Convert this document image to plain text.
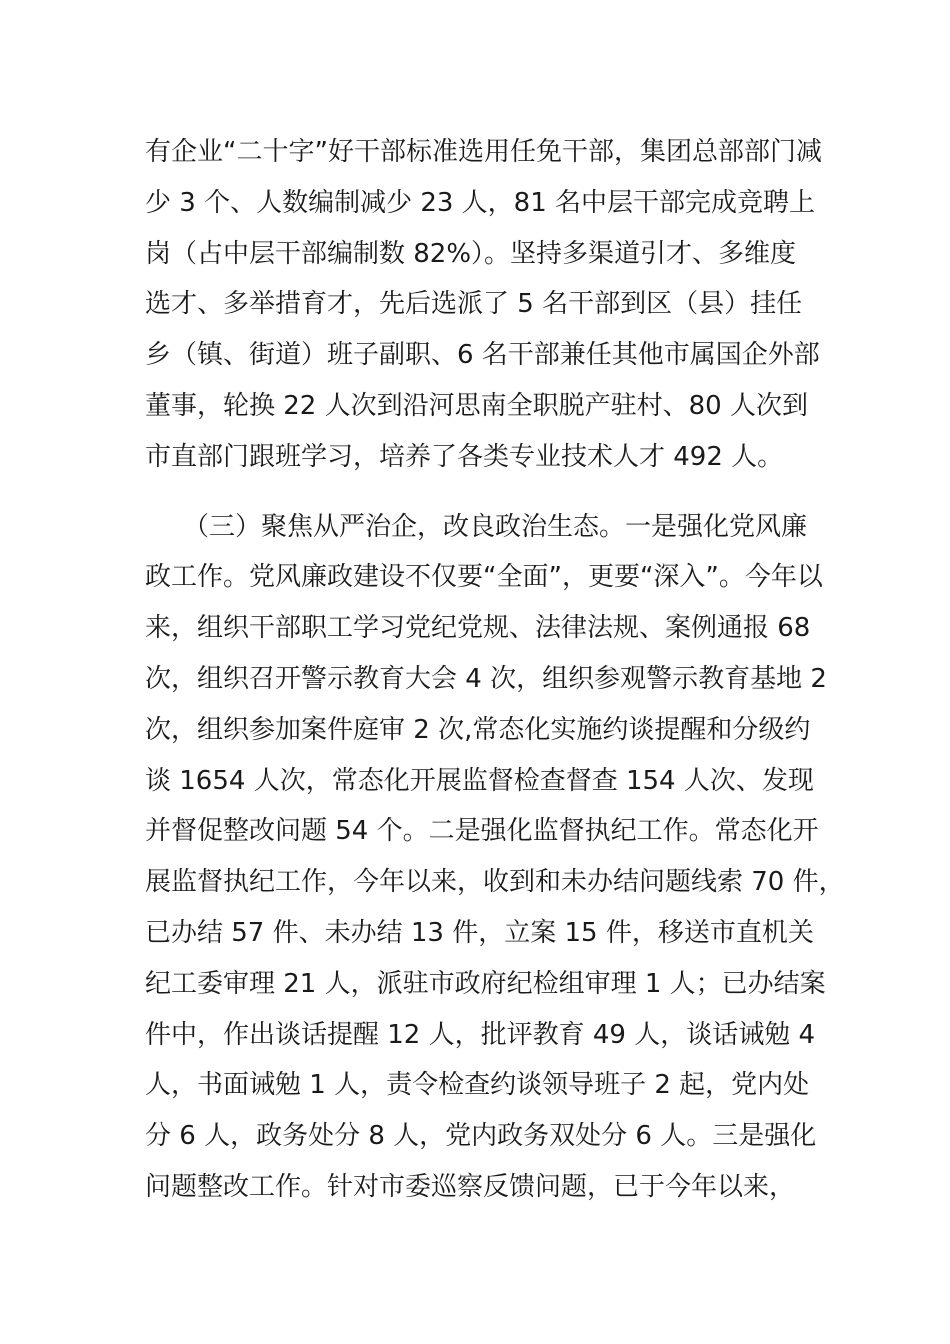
有企业“二十字”好干部标准选用任免干部，集团总部部门减
少 3 个、人数编制减少 23 人，81 名中层干部完成竞聘上
岗（占中层干部编制数 82%）。坚持多渠道引才、多维度
选才、多举措育才，先后选派了 5 名干部到区（县）挂任
乡（镇、街道）班子副职、6 名干部兼任其他市属国企外部
董事，轮换 22 人次到沿河思南全职脱产驻村、80 人次到
市直部门跟班学习，培养了各类专业技术人才 492 人。
（三）聚焦从严治企，改良政治生态。一是强化党风廉
政工作。党风廉政建设不仅要“全面”，更要“深入”。今年以
来，组织干部职工学习党纪党规、法律法规、案例通报 68
次，组织召开警示教育大会 4 次，组织参观警示教育基地 2
次，组织参加案件庭审 2 次,常态化实施约谈提醒和分级约
谈 1654 人次，常态化开展监督检查督查 154 人次、发现
并督促整改问题 54 个。二是强化监督执纪工作。常态化开
展监督执纪工作，今年以来，收到和未办结问题线索 70 件，
已办结 57 件、未办结 13 件，立案 15 件，移送市直机关
纪工委审理 21 人，派驻市政府纪检组审理 1 人；已办结案
件中，作出谈话提醒 12 人，批评教育 49 人，谈话诫勉 4
人，书面诫勉 1 人，责令检查约谈领导班子 2 起，党内处
分 6 人，政务处分 8 人，党内政务双处分 6 人。三是强化
问题整改工作。针对市委巡察反馈问题，已于今年以来，
